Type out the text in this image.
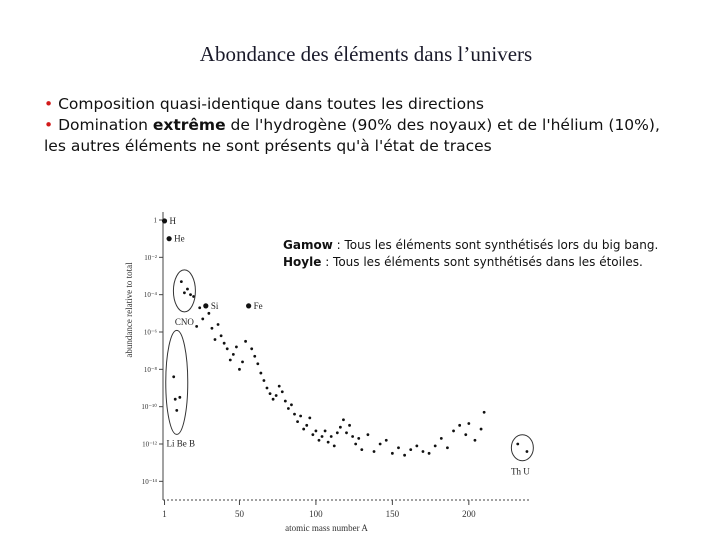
Abondance des éléments dans l’univers
• Composition quasi-identique dans toutes les directions
• Domination extrême de l'hydrogène (90% des noyaux) et de l'hélium (10%),
les autres éléments ne sont présents qu'à l'état de traces
1
10⁻²
10⁻⁴
10⁻⁶
10⁻⁸
10⁻¹⁰
10⁻¹²
10⁻¹⁴
1	50	100	150	200
atomic mass number A
abundance relative to total
H
He
Si	Fe
CNO
Li Be B
Th U
Gamow : Tous les éléments sont synthétisés lors du big bang.
Hoyle : Tous les éléments sont synthétisés dans les étoiles.
